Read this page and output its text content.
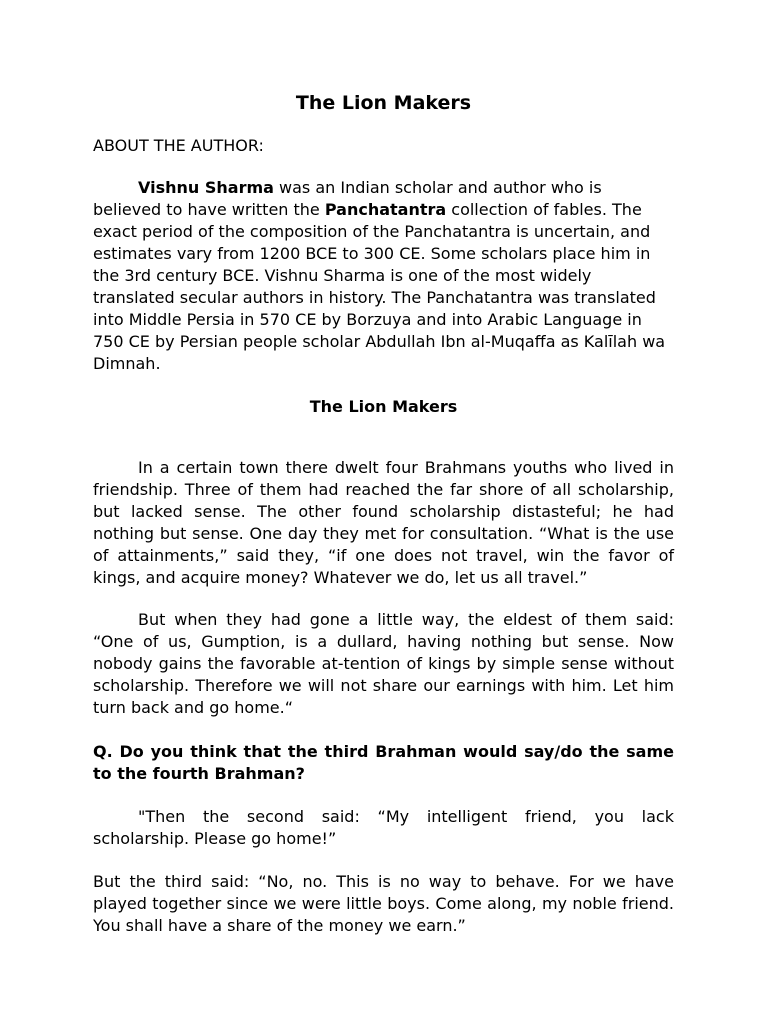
The Lion Makers

ABOUT THE AUTHOR:

Vishnu Sharma was an Indian scholar and author who is believed to have written the Panchatantra collection of fables. The exact period of the composition of the Panchatantra is uncertain, and estimates vary from 1200 BCE to 300 CE. Some scholars place him in the 3rd century BCE. Vishnu Sharma is one of the most widely translated secular authors in history. The Panchatantra was translated into Middle Persia in 570 CE by Borzuya and into Arabic Language in 750 CE by Persian people scholar Abdullah Ibn al-Muqaffa as Kalīlah wa Dimnah.

The Lion Makers

In a certain town there dwelt four Brahmans youths who lived in friendship. Three of them had reached the far shore of all scholarship, but lacked sense. The other found scholarship distasteful; he had nothing but sense. One day they met for consultation. “What is the use of attainments,” said they, “if one does not travel, win the favor of kings, and acquire money? Whatever we do, let us all travel.”

But when they had gone a little way, the eldest of them said: “One of us, Gumption, is a dullard, having nothing but sense. Now nobody gains the favorable at-tention of kings by simple sense without scholarship. Therefore we will not share our earnings with him. Let him turn back and go home.“

Q. Do you think that the third Brahman would say/do the same to the fourth Brahman?

"Then the second said: “My intelligent friend, you lack scholarship. Please go home!”

But the third said: “No, no. This is no way to behave. For we have played together since we were little boys. Come along, my noble friend. You shall have a share of the money we earn.”
